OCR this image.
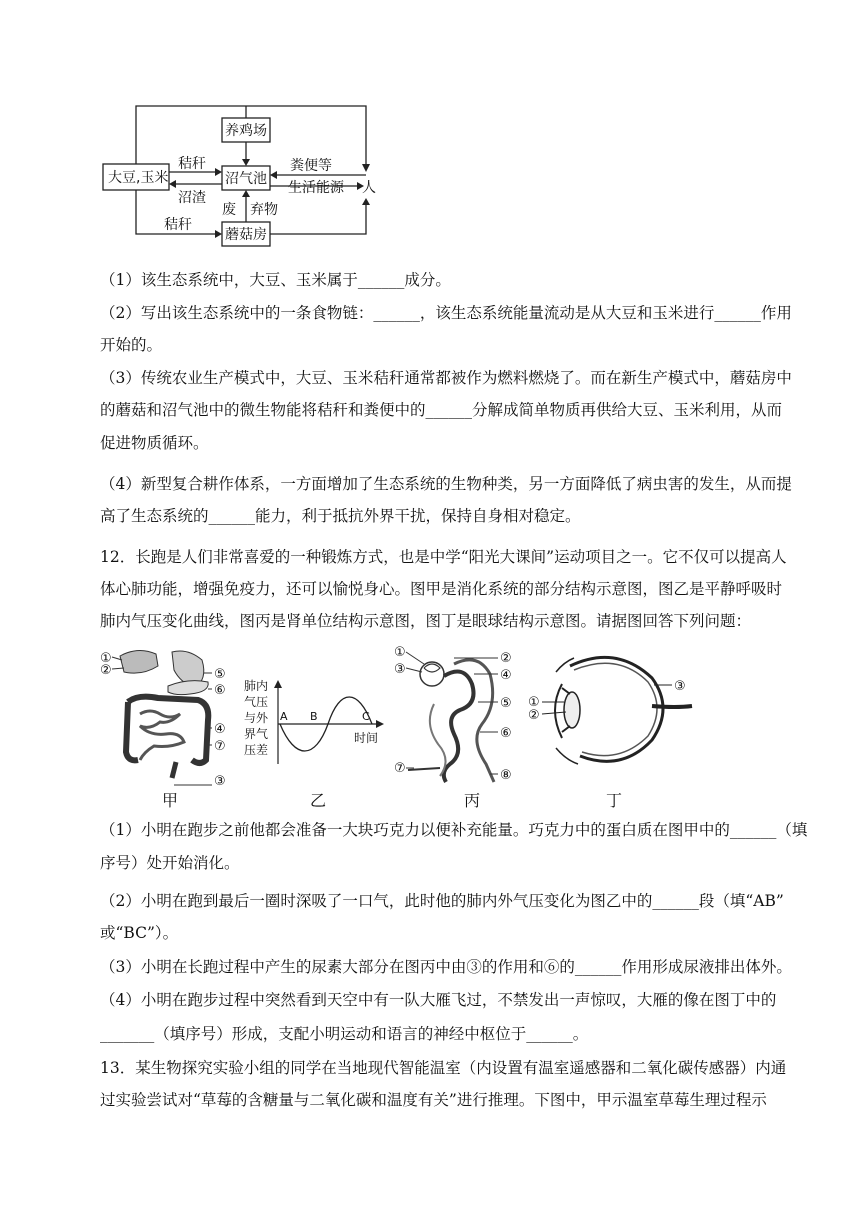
大豆,玉米
养鸡场
沼气池
蘑菇房
秸秆
沼渣
粪便等
生活能源 人
废 弃物
秸秆
（1）该生态系统中，大豆、玉米属于______成分。
（2）写出该生态系统中的一条食物链：______，该生态系统能量流动是从大豆和玉米进行______作用
开始的。
（3）传统农业生产模式中，大豆、玉米秸秆通常都被作为燃料燃烧了。而在新生产模式中，蘑菇房中
的蘑菇和沼气池中的微生物能将秸秆和粪便中的______分解成简单物质再供给大豆、玉米利用，从而
促进物质循环。
（4）新型复合耕作体系，一方面增加了生态系统的生物种类，另一方面降低了病虫害的发生，从而提
高了生态系统的______能力，利于抵抗外界干扰，保持自身相对稳定。
12．长跑是人们非常喜爱的一种锻炼方式，也是中学“阳光大课间”运动项目之一。它不仅可以提高人
体心肺功能，增强免疫力，还可以愉悦身心。图甲是消化系统的部分结构示意图，图乙是平静呼吸时
肺内气压变化曲线，图丙是肾单位结构示意图，图丁是眼球结构示意图。请据图回答下列问题：
①
②	⑤
⑥
④
⑦
③
肺内
气压
与外
界气
压差
A B	C
时间
①
③
②
④
⑤
⑥
⑦	⑧
①
②
③
甲	乙	丙	丁
（1）小明在跑步之前他都会准备一大块巧克力以便补充能量。巧克力中的蛋白质在图甲中的______（填
序号）处开始消化。
（2）小明在跑到最后一圈时深吸了一口气，此时他的肺内外气压变化为图乙中的______段（填“AB”
或“BC”）。
（3）小明在长跑过程中产生的尿素大部分在图丙中由③的作用和⑥的______作用形成尿液排出体外。
（4）小明在跑步过程中突然看到天空中有一队大雁飞过，不禁发出一声惊叹，大雁的像在图丁中的
_______（填序号）形成，支配小明运动和语言的神经中枢位于______。
13．某生物探究实验小组的同学在当地现代智能温室（内设置有温室遥感器和二氧化碳传感器）内通
过实验尝试对“草莓的含糖量与二氧化碳和温度有关”进行推理。下图中，甲示温室草莓生理过程示
